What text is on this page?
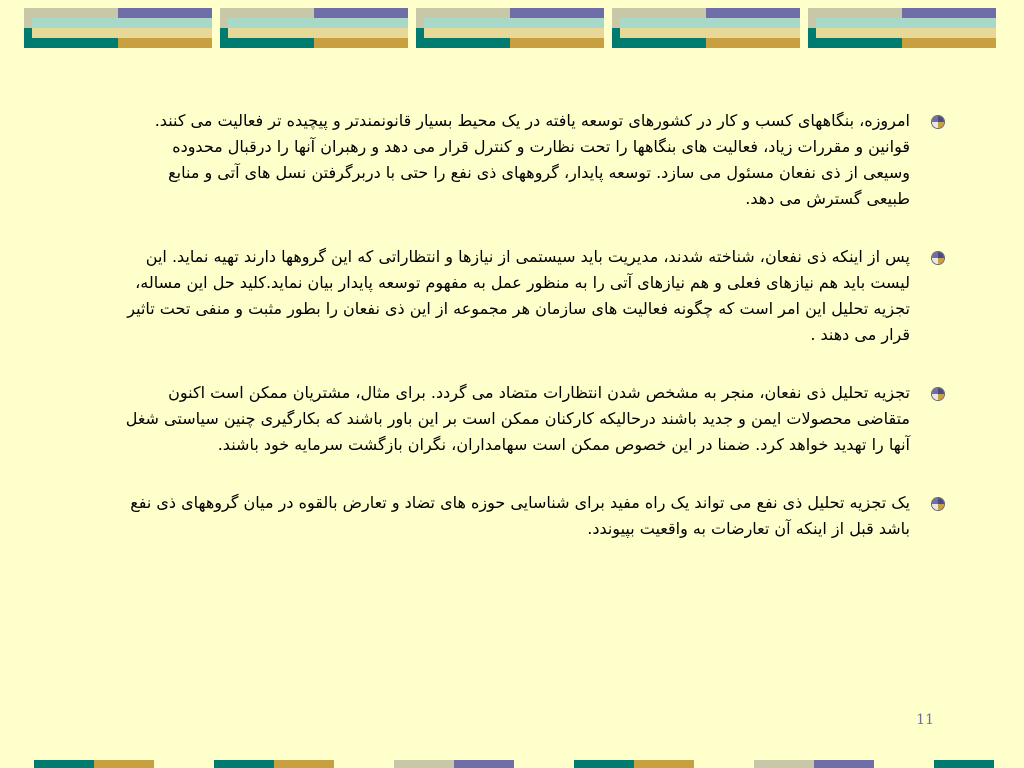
امروزه، بنگاههای کسب و کار در کشورهای توسعه یافته در یک محیط بسیار قانونمندتر و پیچیده تر فعالیت می کنند. قوانین و مقررات زیاد، فعالیت های بنگاهها را تحت نظارت و کنترل قرار می دهد و رهبران آنها را درقبال محدوده وسیعی از ذی نفعان مسئول می سازد. توسعه پایدار، گروههای ذی نفع را حتی با دربرگرفتن نسل های آتی و منابع طبیعی گسترش می دهد.

پس از اینکه ذی نفعان، شناخته شدند، مدیریت باید سیستمی از نیازها و انتظاراتی که این گروهها دارند تهیه نماید. این لیست باید هم نیازهای فعلی و هم نیازهای آتی را به منظور عمل به مفهوم توسعه پایدار بیان نماید.کلید حل این مساله، تجزیه تحلیل این امر است که چگونه فعالیت های سازمان هر مجموعه از این ذی نفعان را بطور مثبت و منفی تحت تاثیر قرار می دهند .

تجزیه تحلیل ذی نفعان، منجر به مشخص شدن انتظارات متضاد می گردد. برای مثال، مشتریان ممکن است اکنون متقاضی محصولات ایمن و جدید باشند درحالیکه کارکنان ممکن است بر این باور باشند که بکارگیری چنین سیاستی شغل آنها را تهدید خواهد کرد. ضمنا در این خصوص ممکن است سهامداران، نگران بازگشت سرمایه خود باشند.

یک تجزیه تحلیل ذی نفع می تواند یک راه مفید برای شناسایی حوزه های تضاد و تعارض بالقوه در میان گروههای ذی نفع باشد قبل از اینکه آن تعارضات به واقعیت بپیوندد.

11
